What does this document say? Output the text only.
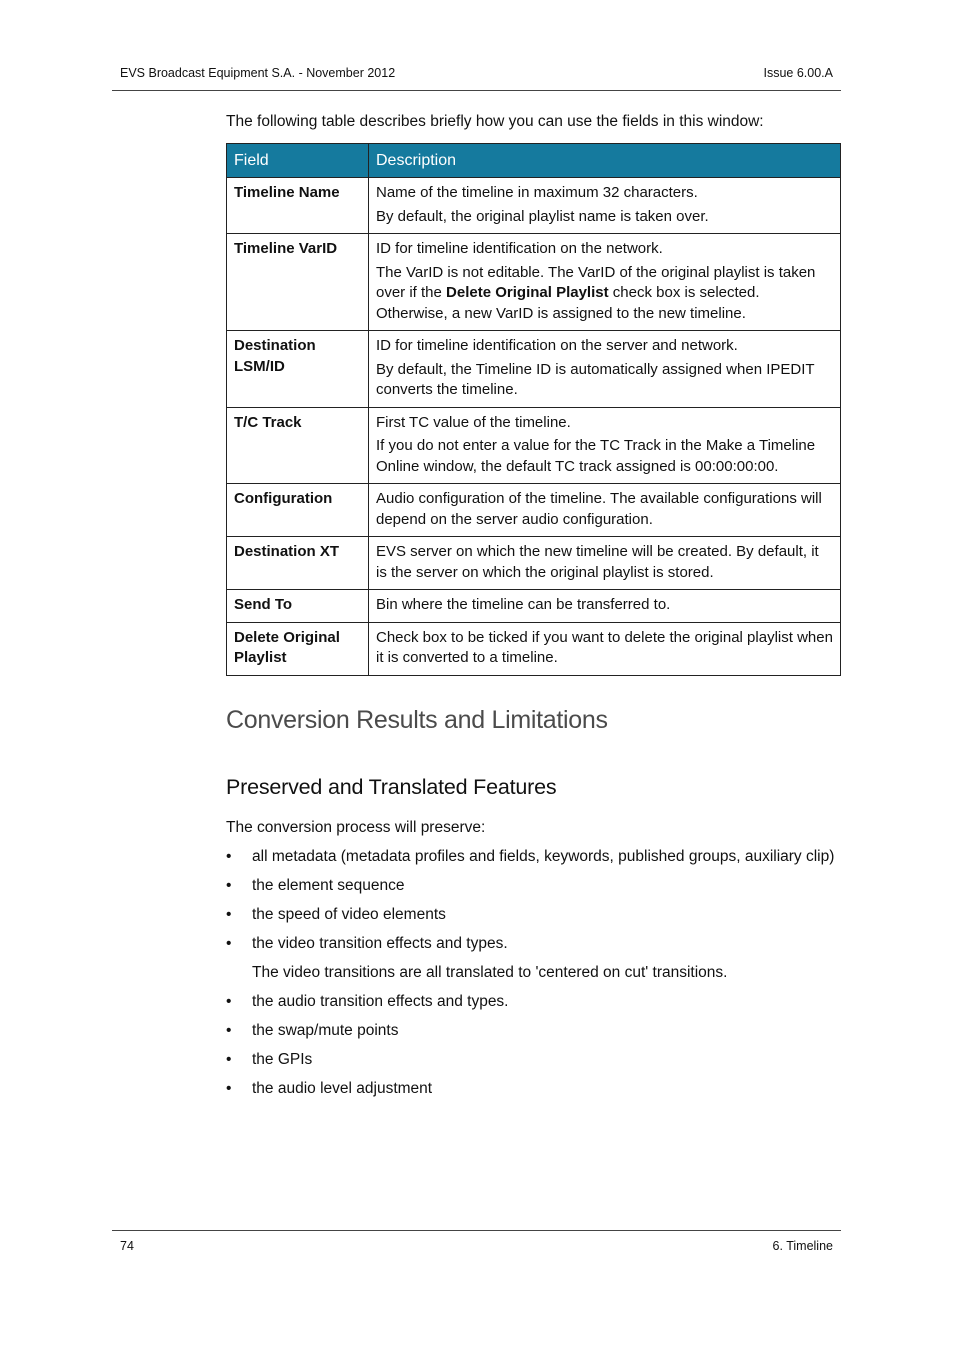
EVS Broadcast Equipment S.A. - November 2012	Issue 6.00.A
The following table describes briefly how you can use the fields in this window:
Field	Description
Timeline Name	Name of the timeline in maximum 32 characters.

By default, the original playlist name is taken over.

Timeline VarID	ID for timeline identification on the network.

The VarID is not editable. The VarID of the original playlist is taken over if the Delete Original Playlist check box is selected. Otherwise, a new VarID is assigned to the new timeline.

Destination LSM/ID	ID for timeline identification on the server and network.

By default, the Timeline ID is automatically assigned when IPEDIT converts the timeline.

T/C Track	First TC value of the timeline.

If you do not enter a value for the TC Track in the Make a Timeline Online window, the default TC track assigned is 00:00:00:00.

Configuration	Audio configuration of the timeline. The available configurations will depend on the server audio configuration.

Destination XT	EVS server on which the new timeline will be created. By default, it is the server on which the original playlist is stored.

Send To	Bin where the timeline can be transferred to.

Delete Original Playlist	Check box to be ticked if you want to delete the original playlist when it is converted to a timeline.

Conversion Results and Limitations
Preserved and Translated Features
The conversion process will preserve:
• all metadata (metadata profiles and fields, keywords, published groups, auxiliary clip)
• the element sequence
• the speed of video elements
• the video transition effects and types.
The video transitions are all translated to 'centered on cut' transitions.
• the audio transition effects and types.
• the swap/mute points
• the GPIs
• the audio level adjustment
74	6. Timeline
